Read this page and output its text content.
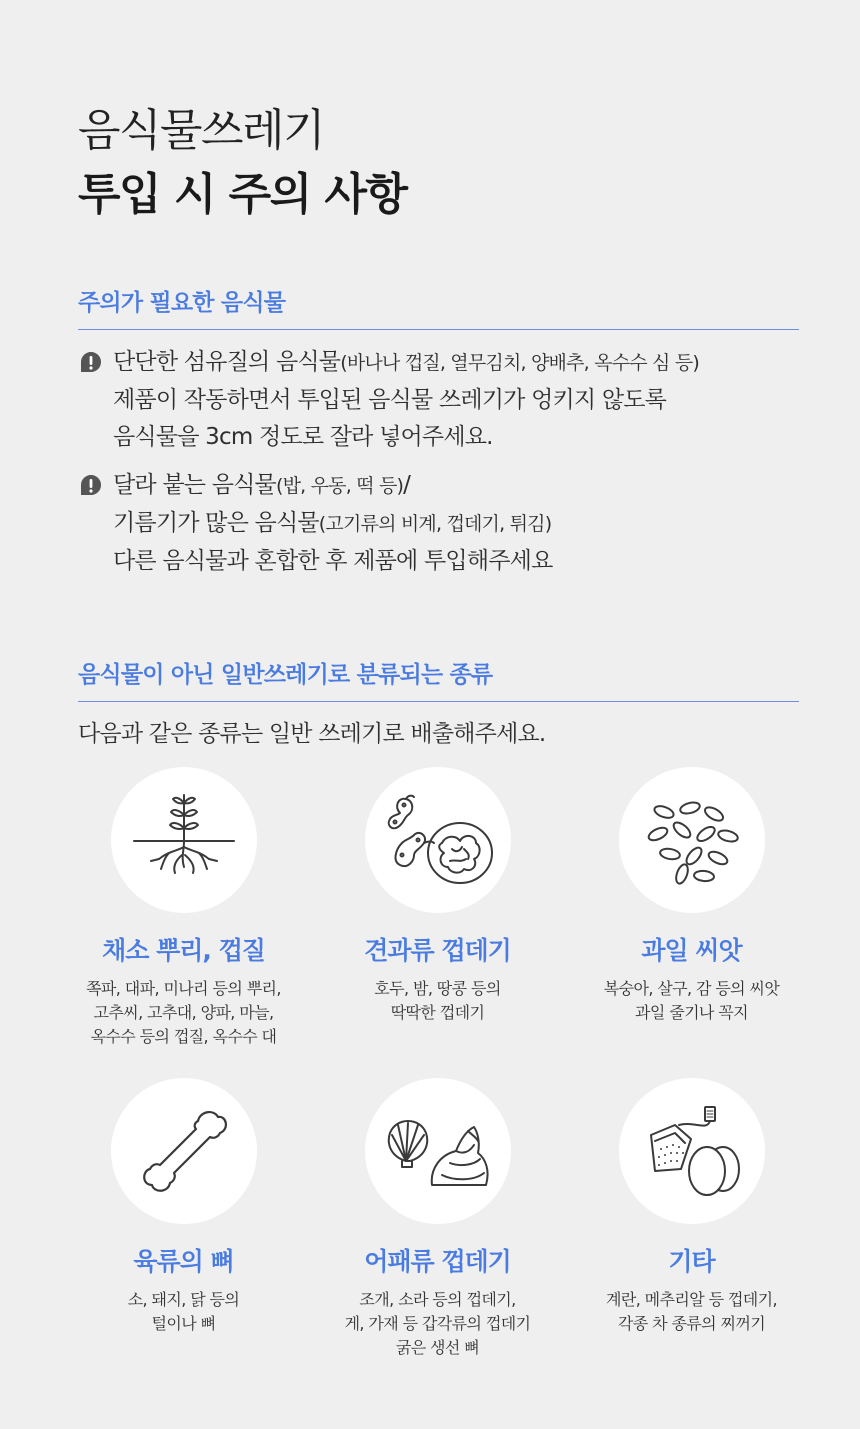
음식물쓰레기
투입 시 주의 사항
주의가 필요한 음식물
단단한 섬유질의 음식물(바나나 껍질, 열무김치, 양배추, 옥수수 심 등)
제품이 작동하면서 투입된 음식물 쓰레기가 엉키지 않도록
음식물을 3cm 정도로 잘라 넣어주세요.
달라 붙는 음식물(밥, 우동, 떡 등)/
기름기가 많은 음식물(고기류의 비계, 껍데기, 튀김)
다른 음식물과 혼합한 후 제품에 투입해주세요
음식물이 아닌 일반쓰레기로 분류되는 종류
다음과 같은 종류는 일반 쓰레기로 배출해주세요.
채소 뿌리, 껍질
쪽파, 대파, 미나리 등의 뿌리,
고추씨, 고추대, 양파, 마늘,
옥수수 등의 껍질, 옥수수 대
견과류 껍데기
호두, 밤, 땅콩 등의
딱딱한 껍데기
과일 씨앗
복숭아, 살구, 감 등의 씨앗
과일 줄기나 꼭지
육류의 뼈
소, 돼지, 닭 등의
털이나 뼈
어패류 껍데기
조개, 소라 등의 껍데기,
게, 가재 등 갑각류의 껍데기
굵은 생선 뼈
기타
계란, 메추리알 등 껍데기,
각종 차 종류의 찌꺼기
